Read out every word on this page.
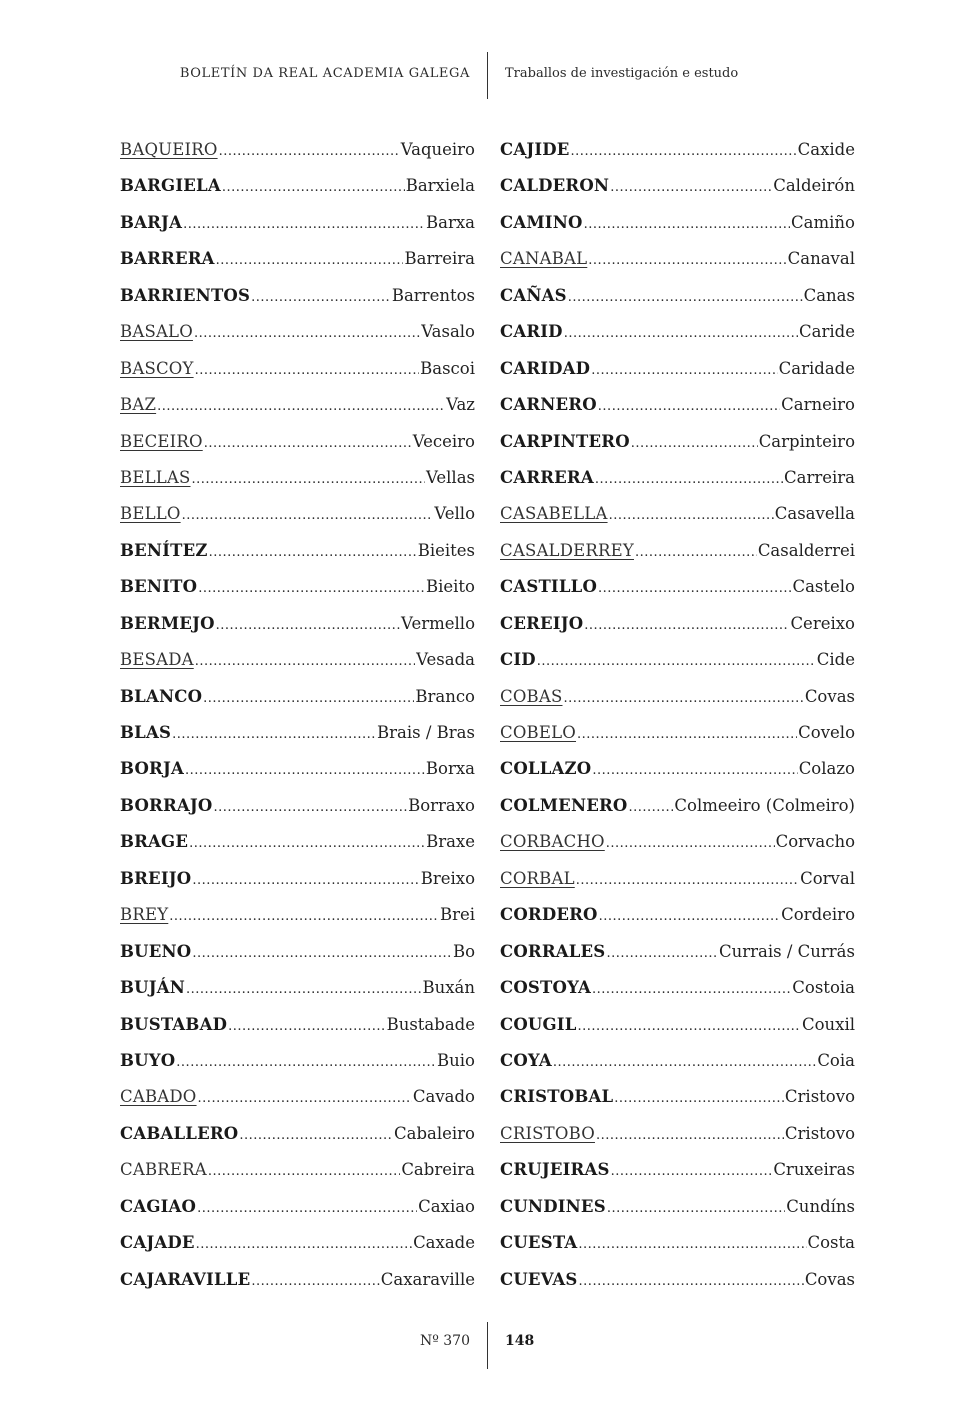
BOLETÍN DA REAL ACADEMIA GALEGA	Traballos de investigación e estudo
BAQUEIRO .....	Vaqueiro
BARGIELA .....	Barxiela
BARJA .....	Barxa
BARRERA .....	Barreira
BARRIENTOS .....	Barrentos
BASALO .....	Vasalo
BASCOY .....	Bascoi
BAZ .....	Vaz
BECEIRO .....	Veceiro
BELLAS .....	Vellas
BELLO .....	Vello
BENÍTEZ .....	Bieites
BENITO .....	Bieito
BERMEJO .....	Vermello
BESADA .....	Vesada
BLANCO .....	Branco
BLAS .....	Brais / Bras
BORJA .....	Borxa
BORRAJO .....	Borraxo
BRAGE .....	Braxe
BREIJO .....	Breixo
BREY .....	Brei
BUENO .....	Bo
BUJÁN .....	Buxán
BUSTABAD .....	Bustabade
BUYO .....	Buio
CABADO .....	Cavado
CABALLERO .....	Cabaleiro
CABRERA .....	Cabreira
CAGIAO .....	Caxiao
CAJADE .....	Caxade
CAJARAVILLE .....	Caxaraville
CAJIDE .....	Caxide
CALDERON .....	Caldeirón
CAMINO .....	Camiño
CANABAL .....	Canaval
CAÑAS .....	Canas
CARID .....	Caride
CARIDAD .....	Caridade
CARNERO .....	Carneiro
CARPINTERO .....	Carpinteiro
CARRERA .....	Carreira
CASABELLA .....	Casavella
CASALDERREY .....	Casalderrei
CASTILLO .....	Castelo
CEREIJO .....	Cereixo
CID .....	Cide
COBAS .....	Covas
COBELO .....	Covelo
COLLAZO .....	Colazo
COLMENERO .....	Colmeeiro (Colmeiro)
CORBACHO .....	Corvacho
CORBAL .....	Corval
CORDERO .....	Cordeiro
CORRALES .....	Currais / Currás
COSTOYA .....	Costoia
COUGIL .....	Couxil
COYA .....	Coia
CRISTOBAL .....	Cristovo
CRISTOBO .....	Cristovo
CRUJEIRAS .....	Cruxeiras
CUNDINES .....	Cundíns
CUESTA .....	Costa
CUEVAS .....	Covas
Nº 370	148
